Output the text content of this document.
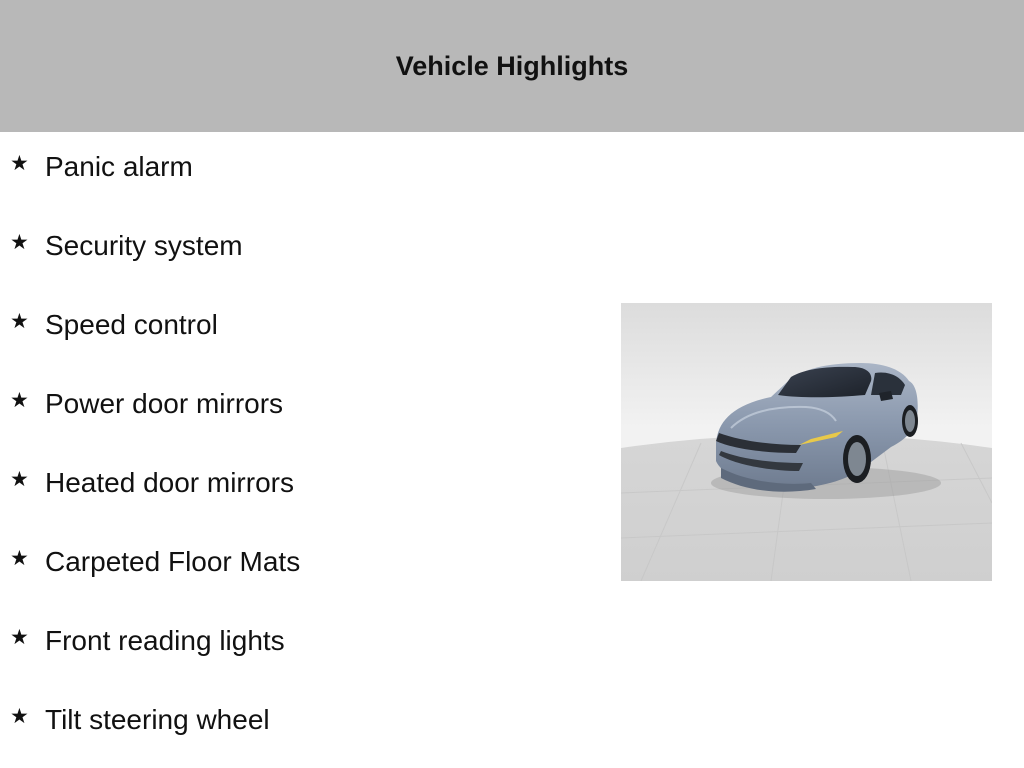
Vehicle Highlights
★ Panic alarm
★ Security system
★ Speed control
★ Power door mirrors
★ Heated door mirrors
★ Carpeted Floor Mats
★ Front reading lights
★ Tilt steering wheel
